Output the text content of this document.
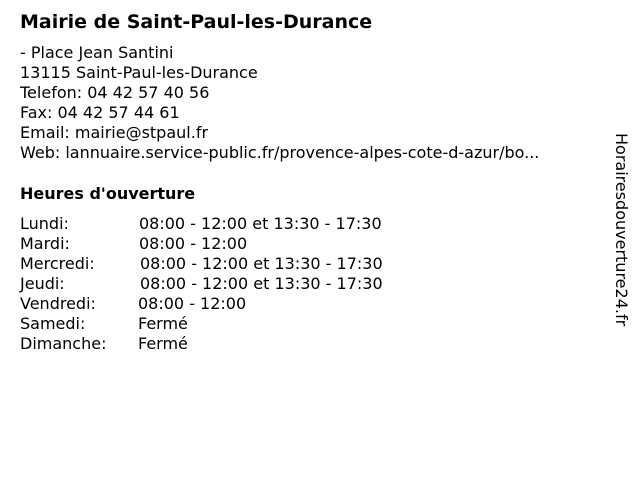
Mairie de Saint-Paul-les-Durance
- Place Jean Santini
13115 Saint-Paul-les-Durance
Telefon: 04 42 57 40 56
Fax: 04 42 57 44 61
Email: mairie@stpaul.fr
Web: lannuaire.service-public.fr/provence-alpes-cote-d-azur/bo...
Heures d'ouverture
Lundi:	08:00 - 12:00 et 13:30 - 17:30
Mardi:	08:00 - 12:00
Mercredi:	08:00 - 12:00 et 13:30 - 17:30
Jeudi:	08:00 - 12:00 et 13:30 - 17:30
Vendredi:	08:00 - 12:00
Samedi:	Fermé
Dimanche: Fermé
Horairesdouverture24.fr
